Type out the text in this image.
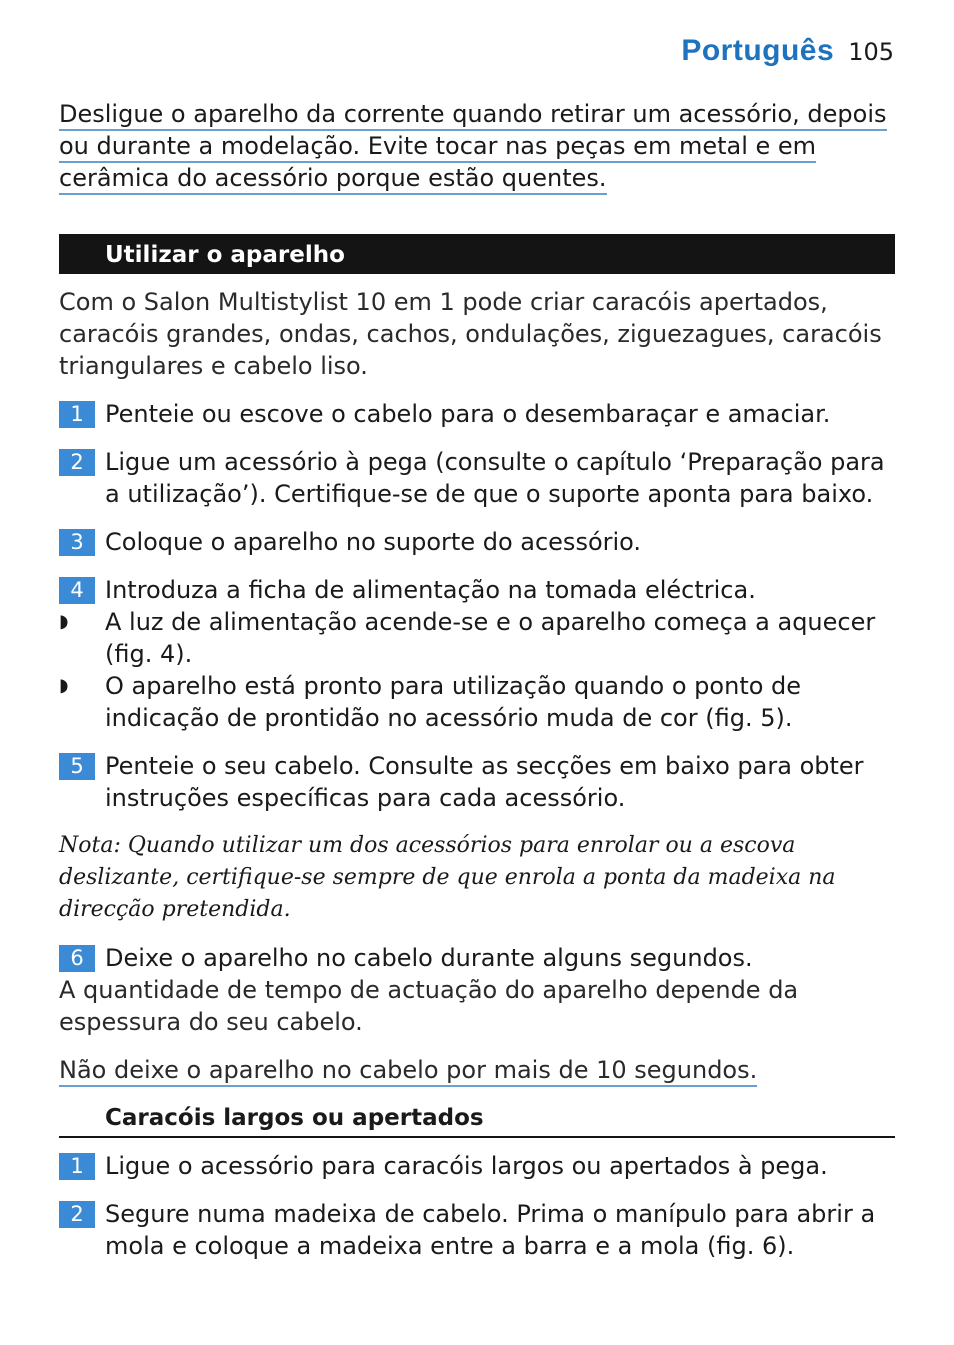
Português 105

Desligue o aparelho da corrente quando retirar um acessório, depois ou durante a modelação. Evite tocar nas peças em metal e em cerâmica do acessório porque estão quentes.

Utilizar o aparelho

Com o Salon Multistylist 10 em 1 pode criar caracóis apertados, caracóis grandes, ondas, cachos, ondulações, ziguezagues, caracóis triangulares e cabelo liso.

1 Penteie ou escove o cabelo para o desembaraçar e amaciar.
2 Ligue um acessório à pega (consulte o capítulo ‘Preparação para a utilização’). Certifique-se de que o suporte aponta para baixo.
3 Coloque o aparelho no suporte do acessório.
4 Introduza a ficha de alimentação na tomada eléctrica.
◗	A luz de alimentação acende-se e o aparelho começa a aquecer (fig. 4).
◗	O aparelho está pronto para utilização quando o ponto de indicação de prontidão no acessório muda de cor (fig. 5).
5 Penteie o seu cabelo. Consulte as secções em baixo para obter instruções específicas para cada acessório.

Nota: Quando utilizar um dos acessórios para enrolar ou a escova deslizante, certifique-se sempre de que enrola a ponta da madeixa na direcção pretendida.

6 Deixe o aparelho no cabelo durante alguns segundos.

A quantidade de tempo de actuação do aparelho depende da espessura do seu cabelo.

Não deixe o aparelho no cabelo por mais de 10 segundos.

Caracóis largos ou apertados
1 Ligue o acessório para caracóis largos ou apertados à pega.
2 Segure numa madeixa de cabelo. Prima o manípulo para abrir a mola e coloque a madeixa entre a barra e a mola (fig. 6).
